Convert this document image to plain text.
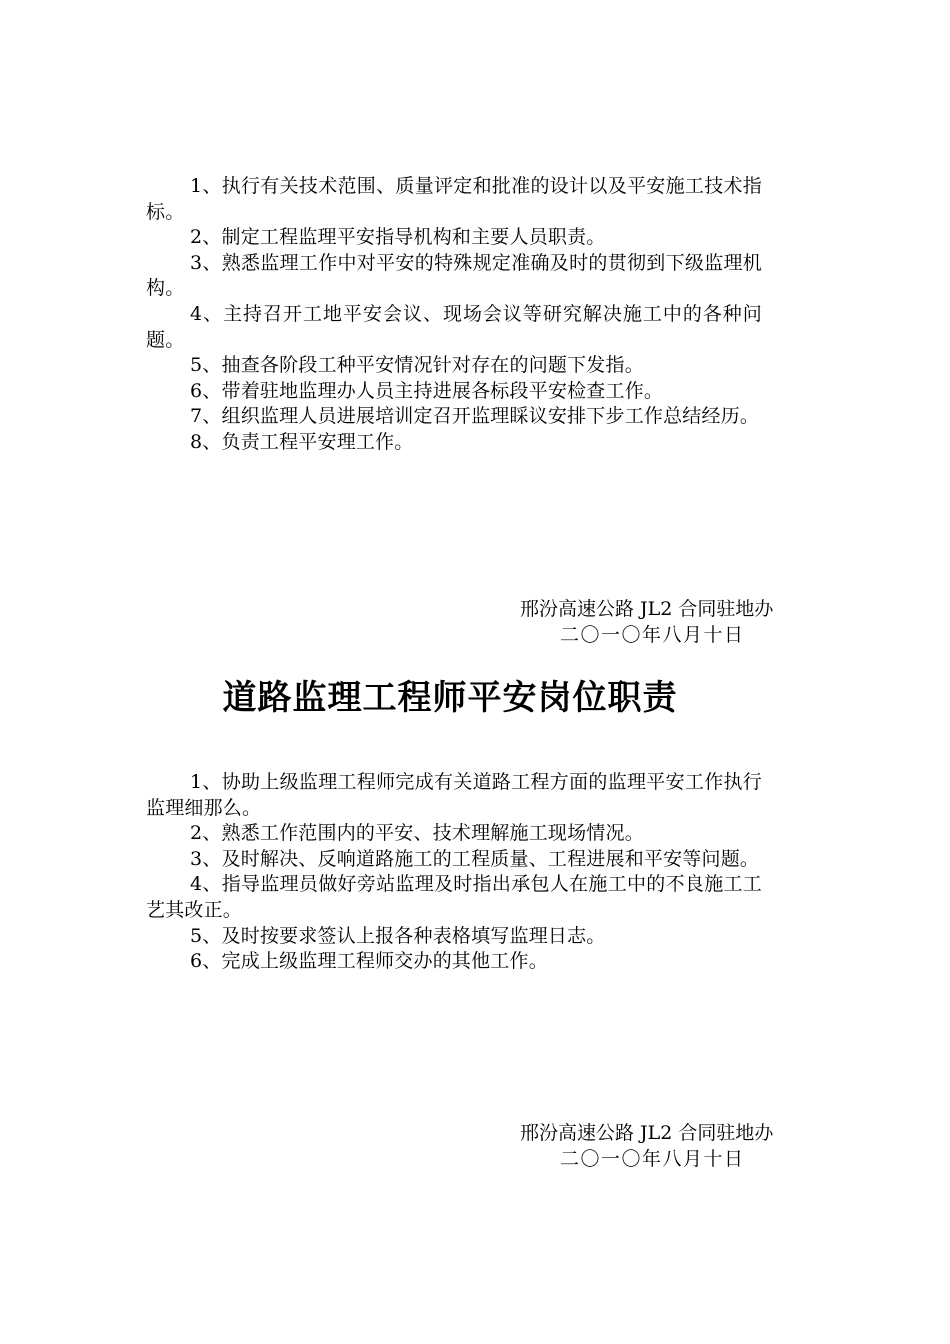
1、执行有关技术范围、质量评定和批准的设计以及平安施工技术指标。

2、制定工程监理平安指导机构和主要人员职责。

3、熟悉监理工作中对平安的特殊规定准确及时的贯彻到下级监理机构。

4、主持召开工地平安会议、现场会议等研究解决施工中的各种问题。

5、抽查各阶段工种平安情况针对存在的问题下发指。

6、带着驻地监理办人员主持进展各标段平安检查工作。

7、组织监理人员进展培训定召开监理睬议安排下步工作总结经历。

8、负责工程平安理工作。

邢汾高速公路 JL2 合同驻地办
二〇一〇年八月十日
道路监理工程师平安岗位职责

1、协助上级监理工程师完成有关道路工程方面的监理平安工作执行监理细那么。

2、熟悉工作范围内的平安、技术理解施工现场情况。

3、及时解决、反响道路施工的工程质量、工程进展和平安等问题。

4、指导监理员做好旁站监理及时指出承包人在施工中的不良施工工艺其改正。

5、及时按要求签认上报各种表格填写监理日志。

6、完成上级监理工程师交办的其他工作。

邢汾高速公路 JL2 合同驻地办
二〇一〇年八月十日
